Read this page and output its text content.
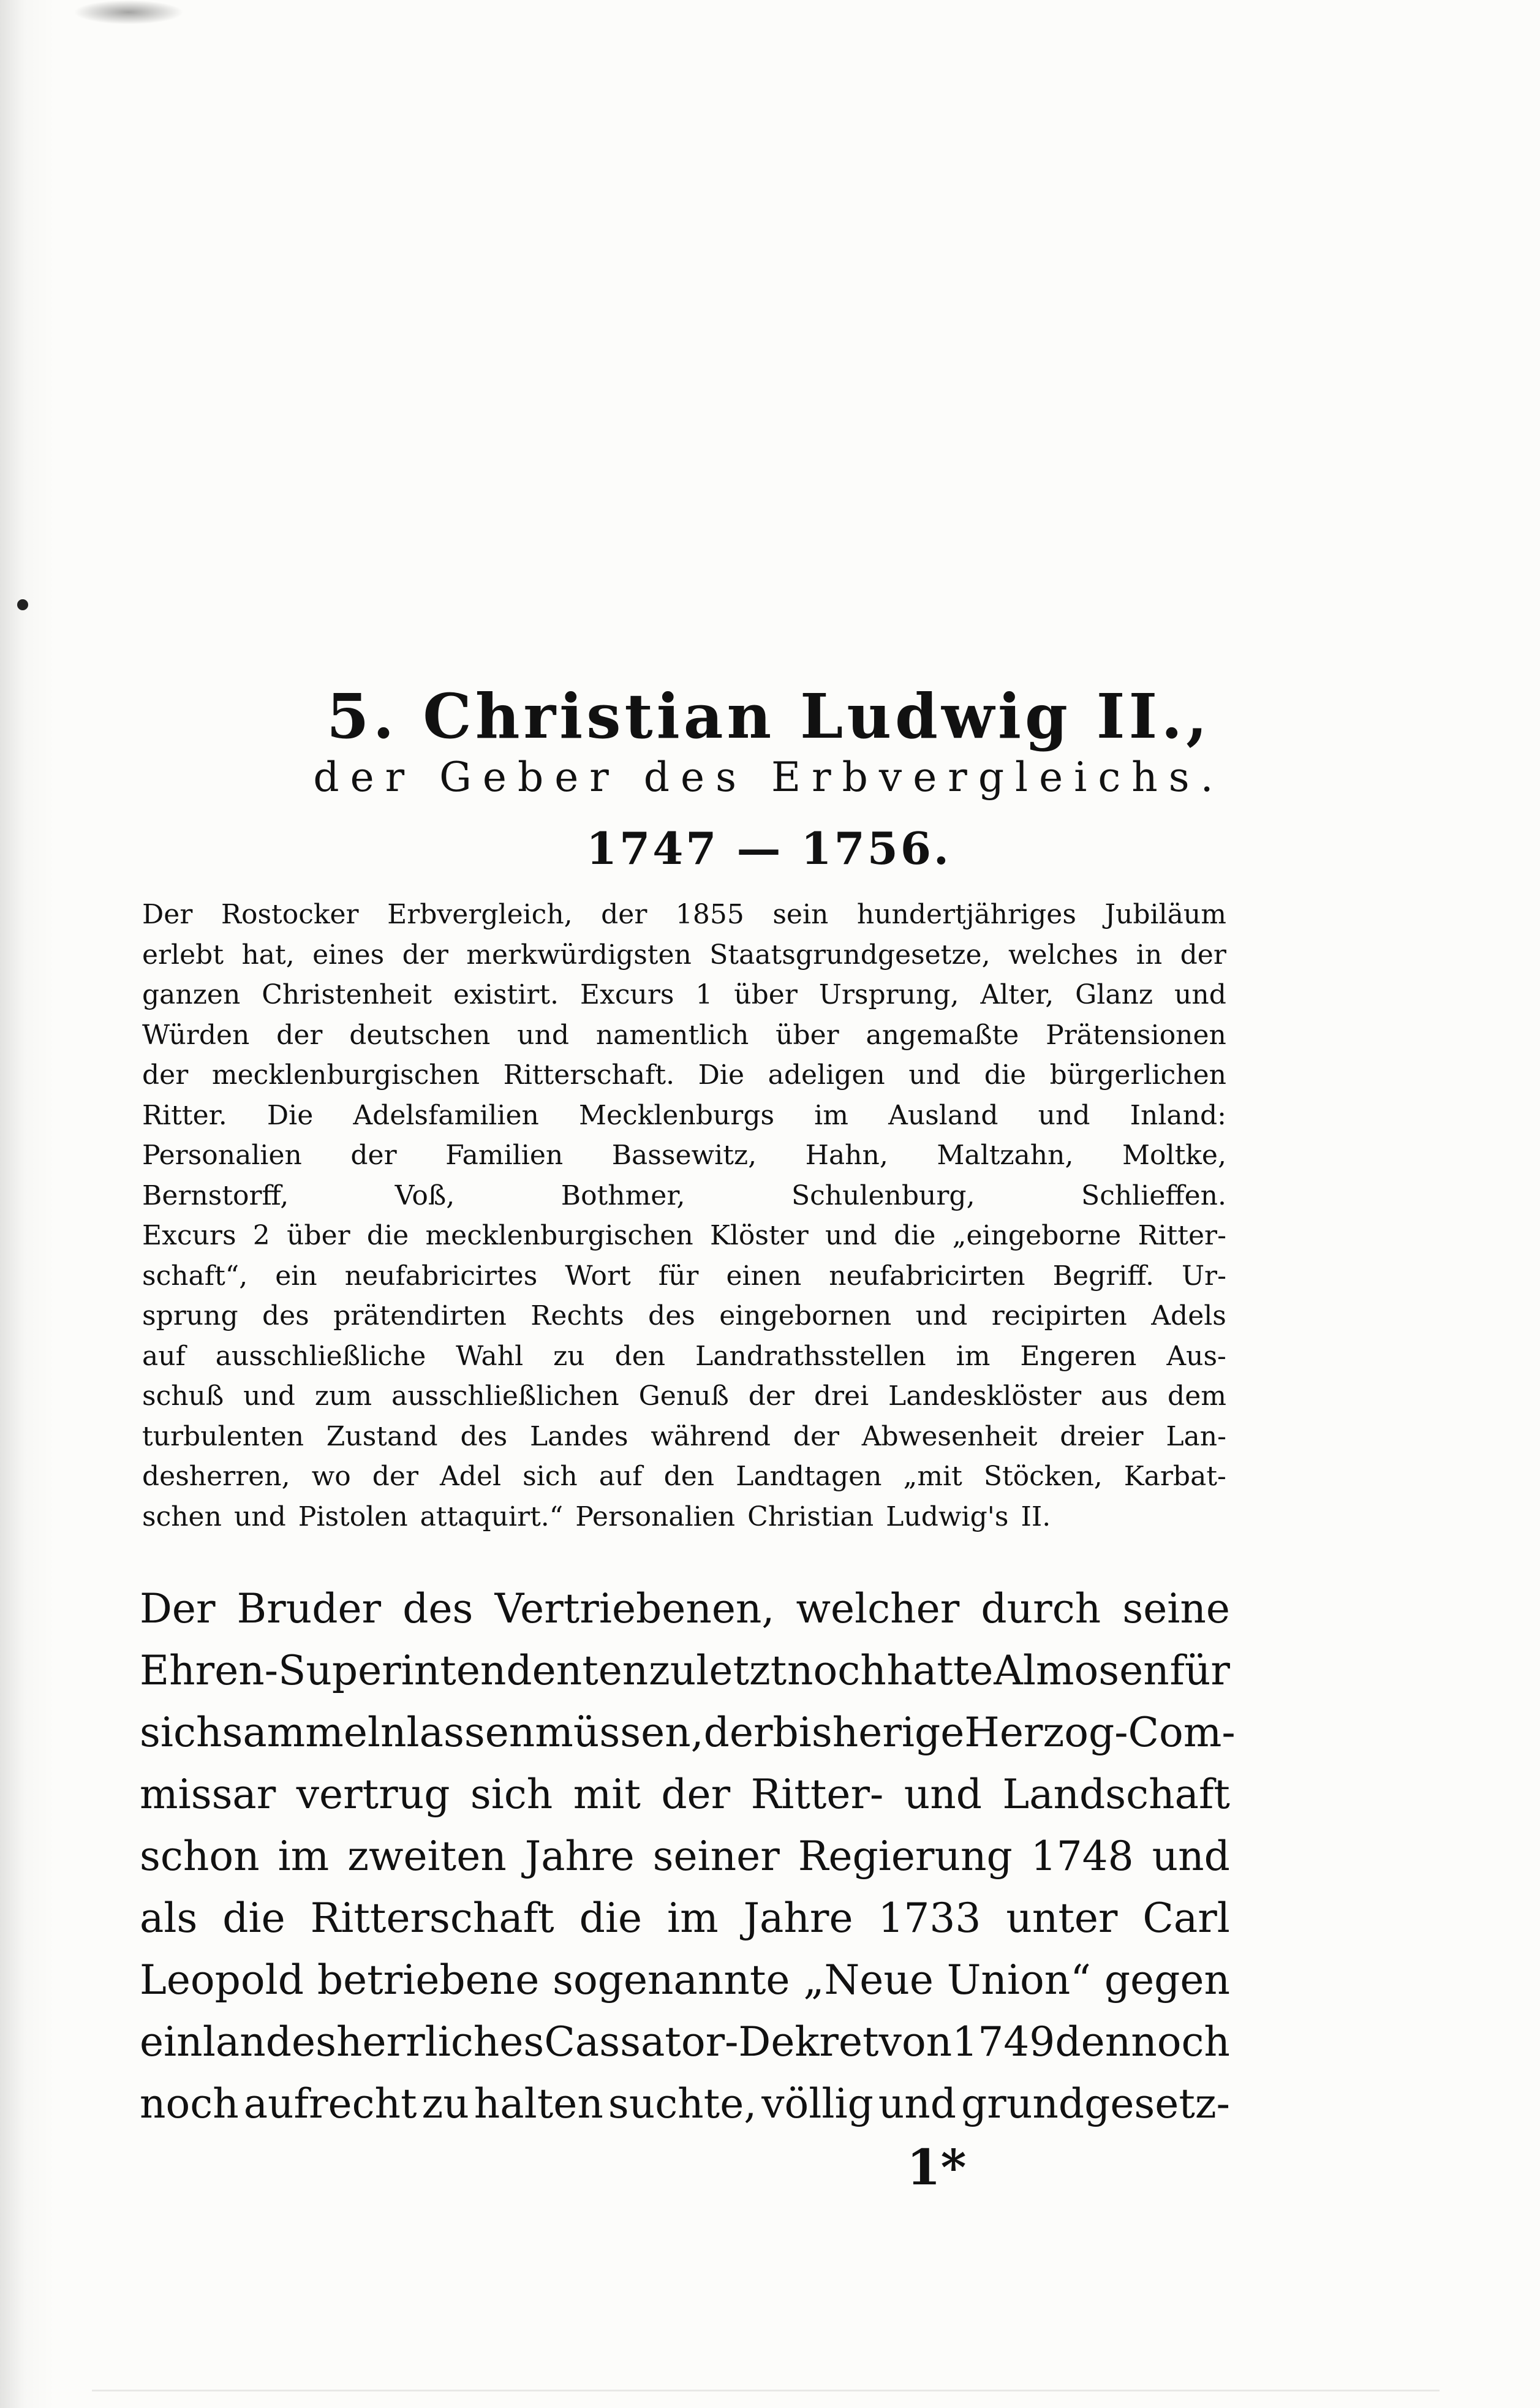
5. Christian Ludwig II.,
der Geber des Erbvergleichs.
1747 — 1756.

Der Rostocker Erbvergleich, der 1855 sein hundertjähriges Jubiläum

erlebt hat, eines der merkwürdigsten Staatsgrundgesetze, welches in der

ganzen Christenheit existirt. Excurs 1 über Ursprung, Alter, Glanz und

Würden der deutschen und namentlich über angemaßte Prätensionen

der mecklenburgischen Ritterschaft. Die adeligen und die bürgerlichen

Ritter. Die Adelsfamilien Mecklenburgs im Ausland und Inland:

Personalien der Familien Bassewitz, Hahn, Maltzahn, Moltke,

Bernstorff,	Voß,	Bothmer,	Schulenburg,	Schlieffen.

Excurs 2 über die mecklenburgischen Klöster und die „eingeborne Ritter-

schaft“, ein neufabricirtes Wort für einen neufabricirten Begriff. Ur-

sprung des prätendirten Rechts des eingebornen und recipirten Adels

auf ausschließliche Wahl zu den Landrathsstellen im Engeren Aus-

schuß und zum ausschließlichen Genuß der drei Landesklöster aus dem

turbulenten Zustand des Landes während der Abwesenheit dreier Lan-

desherren, wo der Adel sich auf den Landtagen „mit Stöcken, Karbat-

schen und Pistolen attaquirt.“ Personalien Christian Ludwig's II.

Der Bruder des Vertriebenen, welcher durch seine

Ehren-Superintendenten zuletzt noch hatte Almosen für

sich sammeln lassen müssen, der bisherige Herzog-Com-

missar vertrug sich mit der Ritter- und Landschaft

schon im zweiten Jahre seiner Regierung 1748 und

als die Ritterschaft die im Jahre 1733 unter Carl

Leopold betriebene sogenannte „Neue Union“ gegen

ein landesherrliches Cassator-Dekret von 1749 dennoch

noch aufrecht zu halten suchte, völlig und grundgesetz-

1*
